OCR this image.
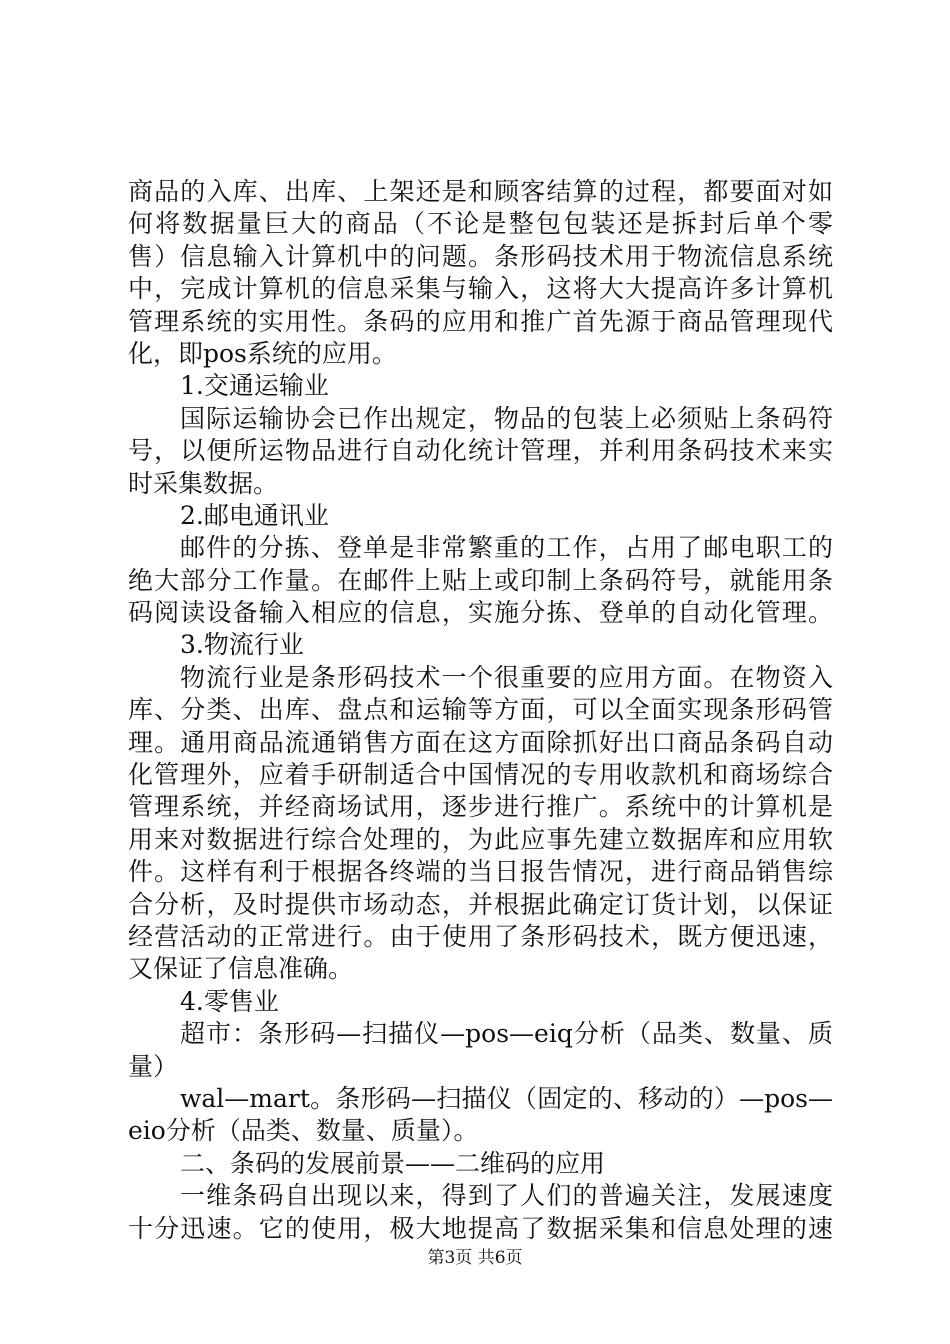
商品的入库、出库、上架还是和顾客结算的过程，都要面对如
何将数据量巨大的商品（不论是整包包装还是拆封后单个零
售）信息输入计算机中的问题。条形码技术用于物流信息系统
中，完成计算机的信息采集与输入，这将大大提高许多计算机
管理系统的实用性。条码的应用和推广首先源于商品管理现代
化，即pos系统的应用。
1.交通运输业
国际运输协会已作出规定，物品的包装上必须贴上条码符
号，以便所运物品进行自动化统计管理，并利用条码技术来实
时采集数据。
2.邮电通讯业
邮件的分拣、登单是非常繁重的工作，占用了邮电职工的
绝大部分工作量。在邮件上贴上或印制上条码符号，就能用条
码阅读设备输入相应的信息，实施分拣、登单的自动化管理。
3.物流行业
物流行业是条形码技术一个很重要的应用方面。在物资入
库、分类、出库、盘点和运输等方面，可以全面实现条形码管
理。通用商品流通销售方面在这方面除抓好出口商品条码自动
化管理外，应着手研制适合中国情况的专用收款机和商场综合
管理系统，并经商场试用，逐步进行推广。系统中的计算机是
用来对数据进行综合处理的，为此应事先建立数据库和应用软
件。这样有利于根据各终端的当日报告情况，进行商品销售综
合分析，及时提供市场动态，并根据此确定订货计划，以保证
经营活动的正常进行。由于使用了条形码技术，既方便迅速，
又保证了信息准确。
4.零售业
超市：条形码—扫描仪—pos—eiq分析（品类、数量、质
量）
wal—mart。条形码—扫描仪（固定的、移动的）—pos—
eio分析（品类、数量、质量）。
二、条码的发展前景——二维码的应用
一维条码自出现以来，得到了人们的普遍关注，发展速度
十分迅速。它的使用，极大地提高了数据采集和信息处理的速
第3页 共6页
